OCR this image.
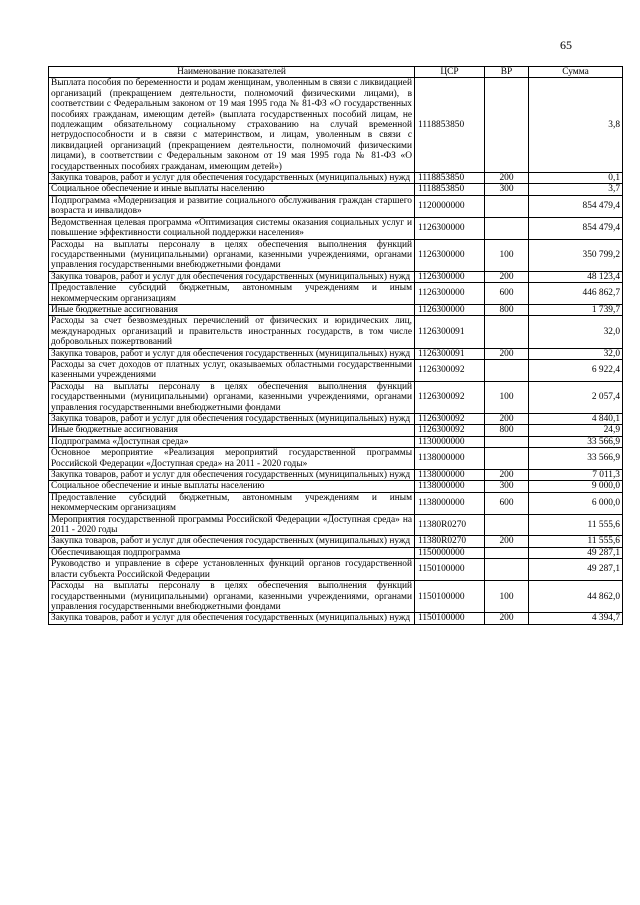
65
Наименование показателей	ЦСР	ВР	Сумма
Выплата пособия по беременности и родам женщинам, уволенным в связи с ликвидацией организаций (прекращением деятельности, полномочий физическими лицами), в соответствии с Федеральным законом от 19 мая 1995 года № 81-ФЗ «О государственных пособиях гражданам, имеющим детей» (выплата государственных пособий лицам, не подлежащим обязательному социальному страхованию на случай временной нетрудоспособности и в связи с материнством, и лицам, уволенным в связи с ликвидацией организаций (прекращением деятельности, полномочий физическими лицами), в соответствии с Федеральным законом от 19 мая 1995 года № 81-ФЗ «О государственных пособиях гражданам, имеющим детей»)	1118853850		3,8
Закупка товаров, работ и услуг для обеспечения государственных (муниципальных) нужд	1118853850	200	0,1
Социальное обеспечение и иные выплаты населению	1118853850	300	3,7
Подпрограмма «Модернизация и развитие социального обслуживания граждан старшего возраста и инвалидов»	1120000000		854 479,4
Ведомственная целевая программа «Оптимизация системы оказания социальных услуг и повышение эффективности социальной поддержки населения»	1126300000		854 479,4
Расходы на выплаты персоналу в целях обеспечения выполнения функций государственными (муниципальными) органами, казенными учреждениями, органами управления государственными внебюджетными фондами	1126300000	100	350 799,2
Закупка товаров, работ и услуг для обеспечения государственных (муниципальных) нужд	1126300000	200	48 123,4
Предоставление субсидий бюджетным, автономным учреждениям и иным некоммерческим организациям	1126300000	600	446 862,7
Иные бюджетные ассигнования	1126300000	800	1 739,7
Расходы за счет безвозмездных перечислений от физических и юридических лиц, международных организаций и правительств иностранных государств, в том числе добровольных пожертвований	1126300091		32,0
Закупка товаров, работ и услуг для обеспечения государственных (муниципальных) нужд	1126300091	200	32,0
Расходы за счет доходов от платных услуг, оказываемых областными государственными казенными учреждениями	1126300092		6 922,4
Расходы на выплаты персоналу в целях обеспечения выполнения функций государственными (муниципальными) органами, казенными учреждениями, органами управления государственными внебюджетными фондами	1126300092	100	2 057,4
Закупка товаров, работ и услуг для обеспечения государственных (муниципальных) нужд	1126300092	200	4 840,1
Иные бюджетные ассигнования	1126300092	800	24,9
Подпрограмма «Доступная среда»	1130000000		33 566,9
Основное мероприятие «Реализация мероприятий государственной программы Российской Федерации «Доступная среда» на 2011 - 2020 годы»	1138000000		33 566,9
Закупка товаров, работ и услуг для обеспечения государственных (муниципальных) нужд	1138000000	200	7 011,3
Социальное обеспечение и иные выплаты населению	1138000000	300	9 000,0
Предоставление субсидий бюджетным, автономным учреждениям и иным некоммерческим организациям	1138000000	600	6 000,0
Мероприятия государственной программы Российской Федерации «Доступная среда» на 2011 - 2020 годы	11380R0270		11 555,6
Закупка товаров, работ и услуг для обеспечения государственных (муниципальных) нужд	11380R0270	200	11 555,6
Обеспечивающая подпрограмма	1150000000		49 287,1
Руководство и управление в сфере установленных функций органов государственной власти субъекта Российской Федерации	1150100000		49 287,1
Расходы на выплаты персоналу в целях обеспечения выполнения функций государственными (муниципальными) органами, казенными учреждениями, органами управления государственными внебюджетными фондами	1150100000	100	44 862,0
Закупка товаров, работ и услуг для обеспечения государственных (муниципальных) нужд	1150100000	200	4 394,7
